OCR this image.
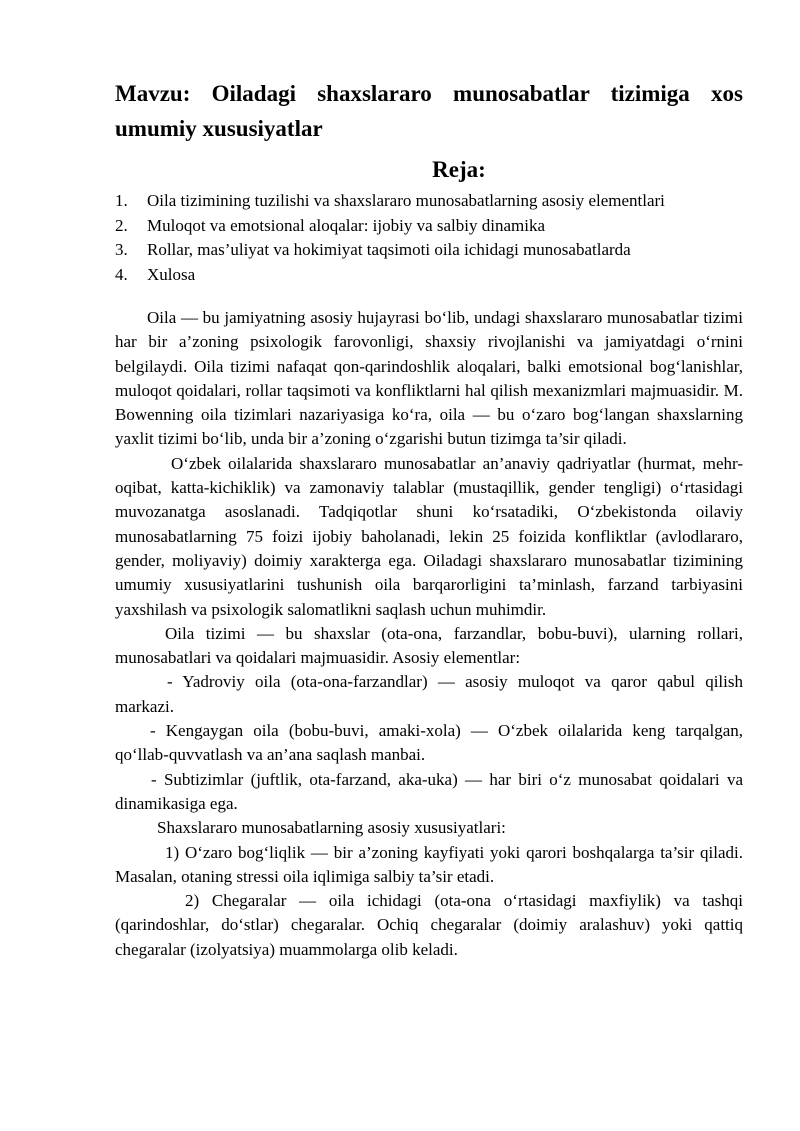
Mavzu: Oiladagi shaxslararo munosabatlar tizimiga xos umumiy xususiyatlar
Reja:
1.	Oila tizimining tuzilishi va shaxslararo munosabatlarning asosiy elementlari
2.	Muloqot va emotsional aloqalar: ijobiy va salbiy dinamika
3.	Rollar, mas’uliyat va hokimiyat taqsimoti oila ichidagi munosabatlarda
4.	Xulosa

Oila — bu jamiyatning asosiy hujayrasi bo‘lib, undagi shaxslararo munosabatlar tizimi har bir a’zoning psixologik farovonligi, shaxsiy rivojlanishi va jamiyatdagi o‘rnini belgilaydi. Oila tizimi nafaqat qon-qarindoshlik aloqalari, balki emotsional bog‘lanishlar, muloqot qoidalari, rollar taqsimoti va konfliktlarni hal qilish mexanizmlari majmuasidir. M. Bowenning oila tizimlari nazariyasiga ko‘ra, oila — bu o‘zaro bog‘langan shaxslarning yaxlit tizimi bo‘lib, unda bir a’zoning o‘zgarishi butun tizimga ta’sir qiladi.

O‘zbek oilalarida shaxslararo munosabatlar an’anaviy qadriyatlar (hurmat, mehr-oqibat, katta-kichiklik) va zamonaviy talablar (mustaqillik, gender tengligi) o‘rtasidagi muvozanatga asoslanadi. Tadqiqotlar shuni ko‘rsatadiki, O‘zbekistonda oilaviy munosabatlarning 75 foizi ijobiy baholanadi, lekin 25 foizida konfliktlar (avlodlararo, gender, moliyaviy) doimiy xarakterga ega. Oiladagi shaxslararo munosabatlar tizimining umumiy xususiyatlarini tushunish oila barqarorligini ta’minlash, farzand tarbiyasini yaxshilash va psixologik salomatlikni saqlash uchun muhimdir.

Oila tizimi — bu shaxslar (ota-ona, farzandlar, bobu-buvi), ularning rollari, munosabatlari va qoidalari majmuasidir. Asosiy elementlar:

- Yadroviy oila (ota-ona-farzandlar) — asosiy muloqot va qaror qabul qilish markazi.

- Kengaygan oila (bobu-buvi, amaki-xola) — O‘zbek oilalarida keng tarqalgan, qo‘llab-quvvatlash va an’ana saqlash manbai.

- Subtizimlar (juftlik, ota-farzand, aka-uka) — har biri o‘z munosabat qoidalari va dinamikasiga ega.

Shaxslararo munosabatlarning asosiy xususiyatlari:

1) O‘zaro bog‘liqlik — bir a’zoning kayfiyati yoki qarori boshqalarga ta’sir qiladi. Masalan, otaning stressi oila iqlimiga salbiy ta’sir etadi.

2) Chegaralar — oila ichidagi (ota-ona o‘rtasidagi maxfiylik) va tashqi (qarindoshlar, do‘stlar) chegaralar. Ochiq chegaralar (doimiy aralashuv) yoki qattiq chegaralar (izolyatsiya) muammolarga olib keladi.
